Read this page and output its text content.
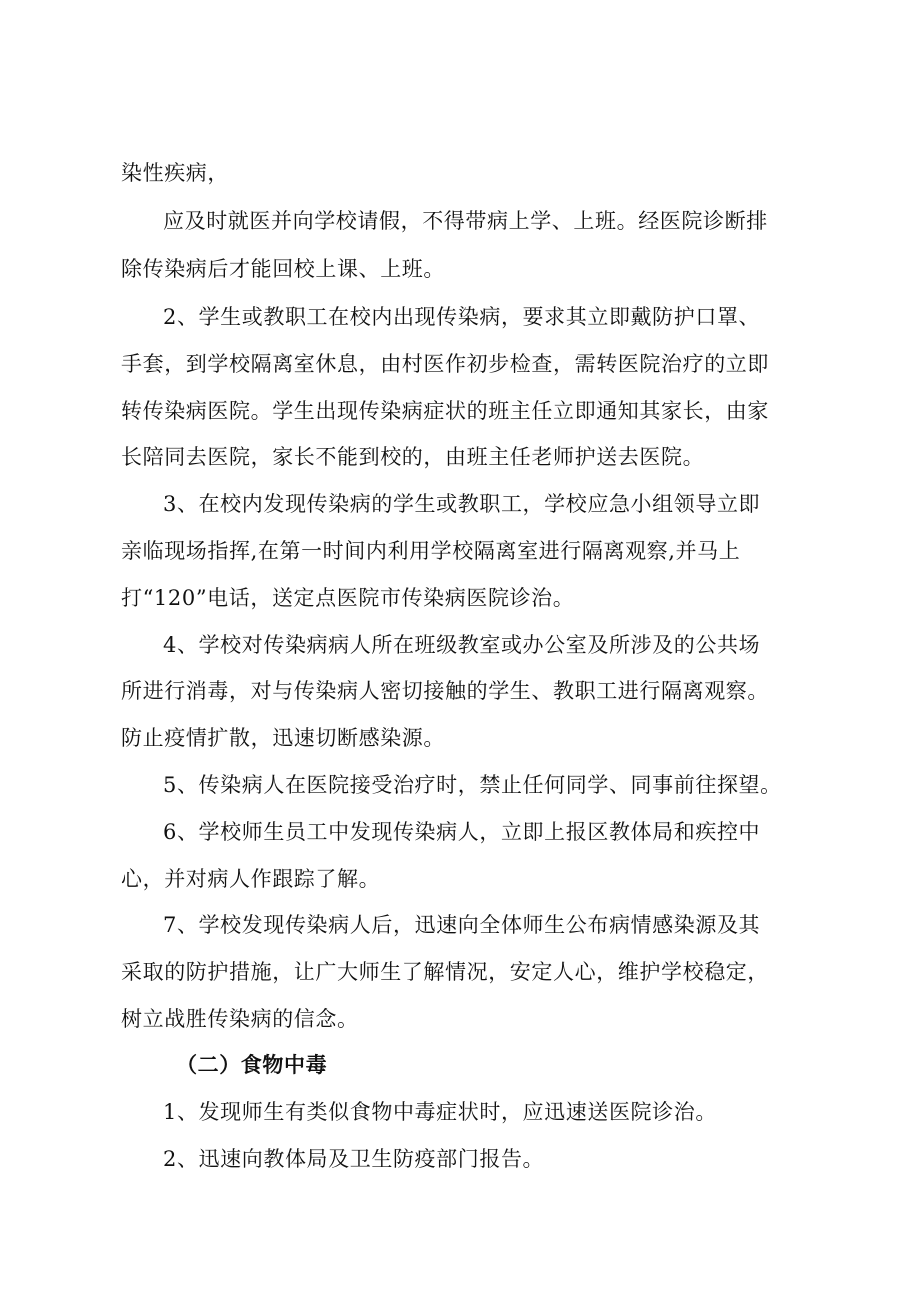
染性疾病，
应及时就医并向学校请假，不得带病上学、上班。经医院诊断排
除传染病后才能回校上课、上班。
2、学生或教职工在校内出现传染病，要求其立即戴防护口罩、
手套，到学校隔离室休息，由村医作初步检查，需转医院治疗的立即
转传染病医院。学生出现传染病症状的班主任立即通知其家长，由家
长陪同去医院，家长不能到校的，由班主任老师护送去医院。
3、在校内发现传染病的学生或教职工，学校应急小组领导立即
亲临现场指挥,在第一时间内利用学校隔离室进行隔离观察,并马上
打“120”电话，送定点医院市传染病医院诊治。
4、学校对传染病病人所在班级教室或办公室及所涉及的公共场
所进行消毒，对与传染病人密切接触的学生、教职工进行隔离观察。
防止疫情扩散，迅速切断感染源。
5、传染病人在医院接受治疗时，禁止任何同学、同事前往探望。
6、学校师生员工中发现传染病人，立即上报区教体局和疾控中
心，并对病人作跟踪了解。
7、学校发现传染病人后，迅速向全体师生公布病情感染源及其
采取的防护措施，让广大师生了解情况，安定人心，维护学校稳定，
树立战胜传染病的信念。
（二）食物中毒
1、发现师生有类似食物中毒症状时，应迅速送医院诊治。
2、迅速向教体局及卫生防疫部门报告。
